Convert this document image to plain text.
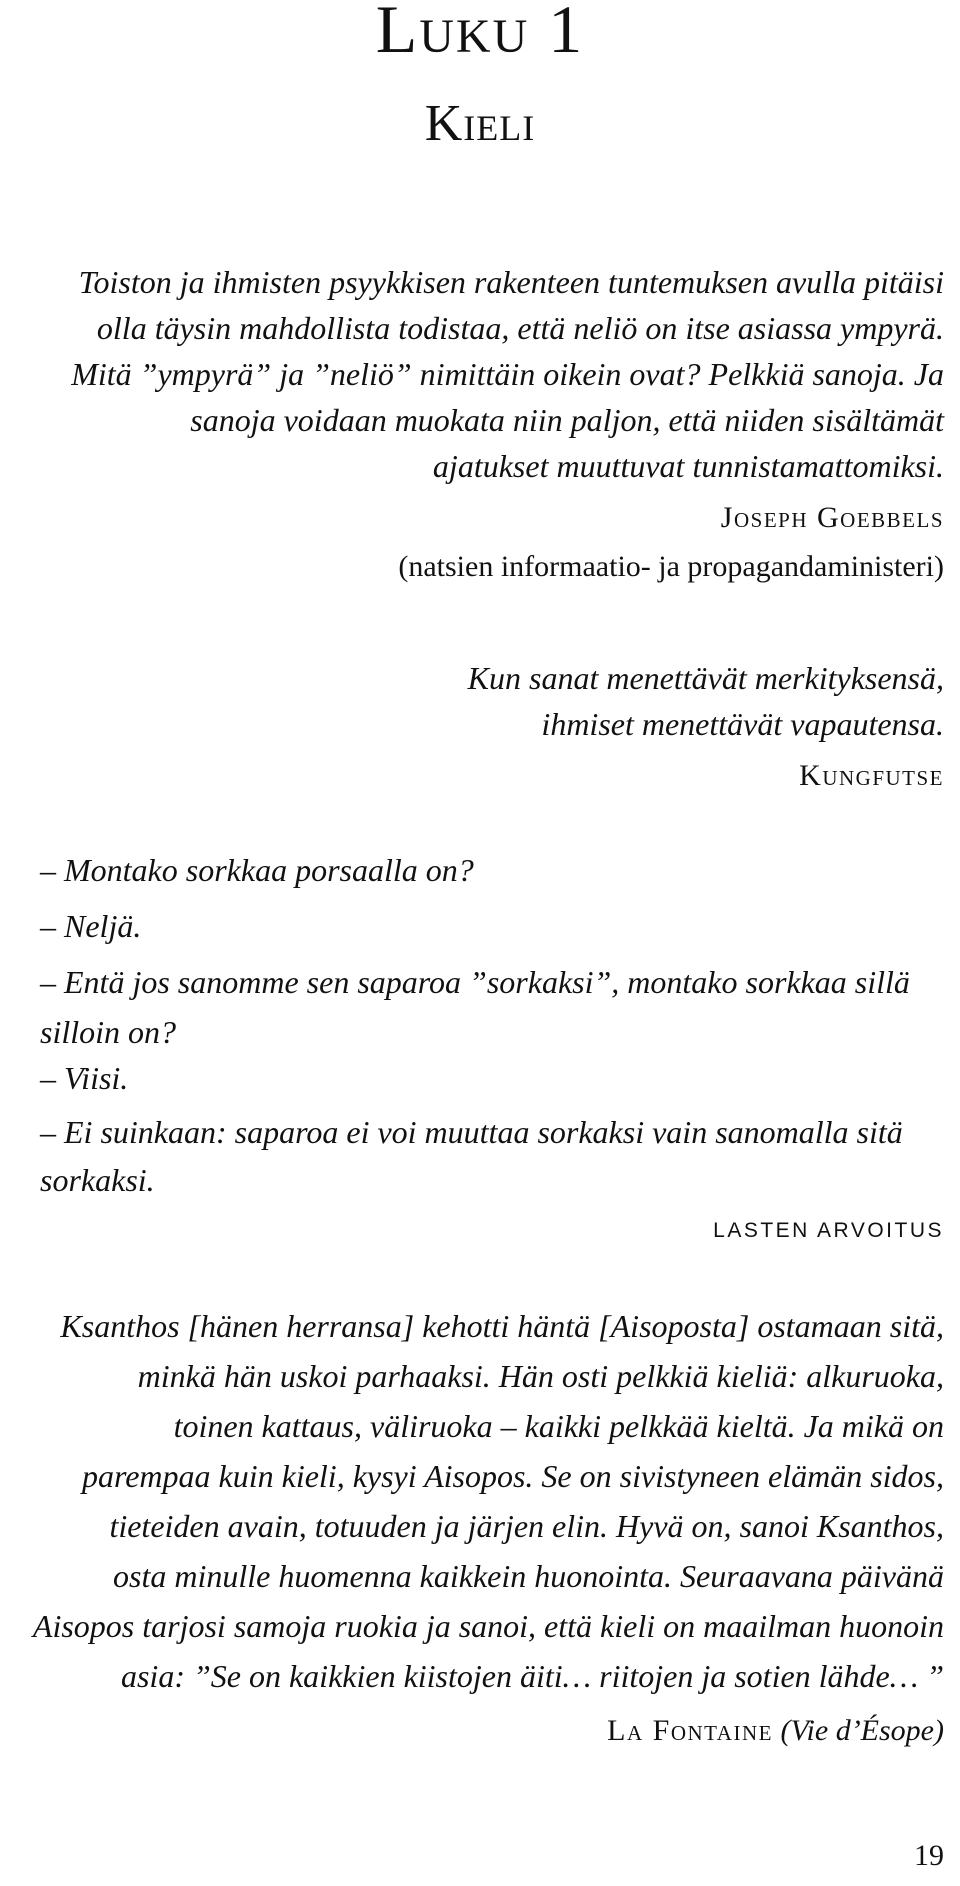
Luku 1
Kieli
Toiston ja ihmisten psyykkisen rakenteen tuntemuksen avulla pitäisi
olla täysin mahdollista todistaa, että neliö on itse asiassa ympyrä.
Mitä ”ympyrä” ja ”neliö” nimittäin oikein ovat? Pelkkiä sanoja. Ja
sanoja voidaan muokata niin paljon, että niiden sisältämät
ajatukset muuttuvat tunnistamattomiksi.
Joseph Goebbels
(natsien informaatio- ja propagandaministeri)
Kun sanat menettävät merkityksensä,
ihmiset menettävät vapautensa.
Kungfutse
– Montako sorkkaa porsaalla on?
– Neljä.
– Entä jos sanomme sen saparoa ”sorkaksi”, montako sorkkaa sillä
silloin on?
– Viisi.
– Ei suinkaan: saparoa ei voi muuttaa sorkaksi vain sanomalla sitä
sorkaksi.
LASTEN ARVOITUS
Ksanthos [hänen herransa] kehotti häntä [Aisoposta] ostamaan sitä,
minkä hän uskoi parhaaksi. Hän osti pelkkiä kieliä: alkuruoka,
toinen kattaus, väliruoka – kaikki pelkkää kieltä. Ja mikä on
parempaa kuin kieli, kysyi Aisopos. Se on sivistyneen elämän sidos,
tieteiden avain, totuuden ja järjen elin. Hyvä on, sanoi Ksanthos,
osta minulle huomenna kaikkein huonointa. Seuraavana päivänä
Aisopos tarjosi samoja ruokia ja sanoi, että kieli on maailman huonoin
asia: ”Se on kaikkien kiistojen äiti… riitojen ja sotien lähde… ”
La Fontaine (Vie d’Ésope)
19
